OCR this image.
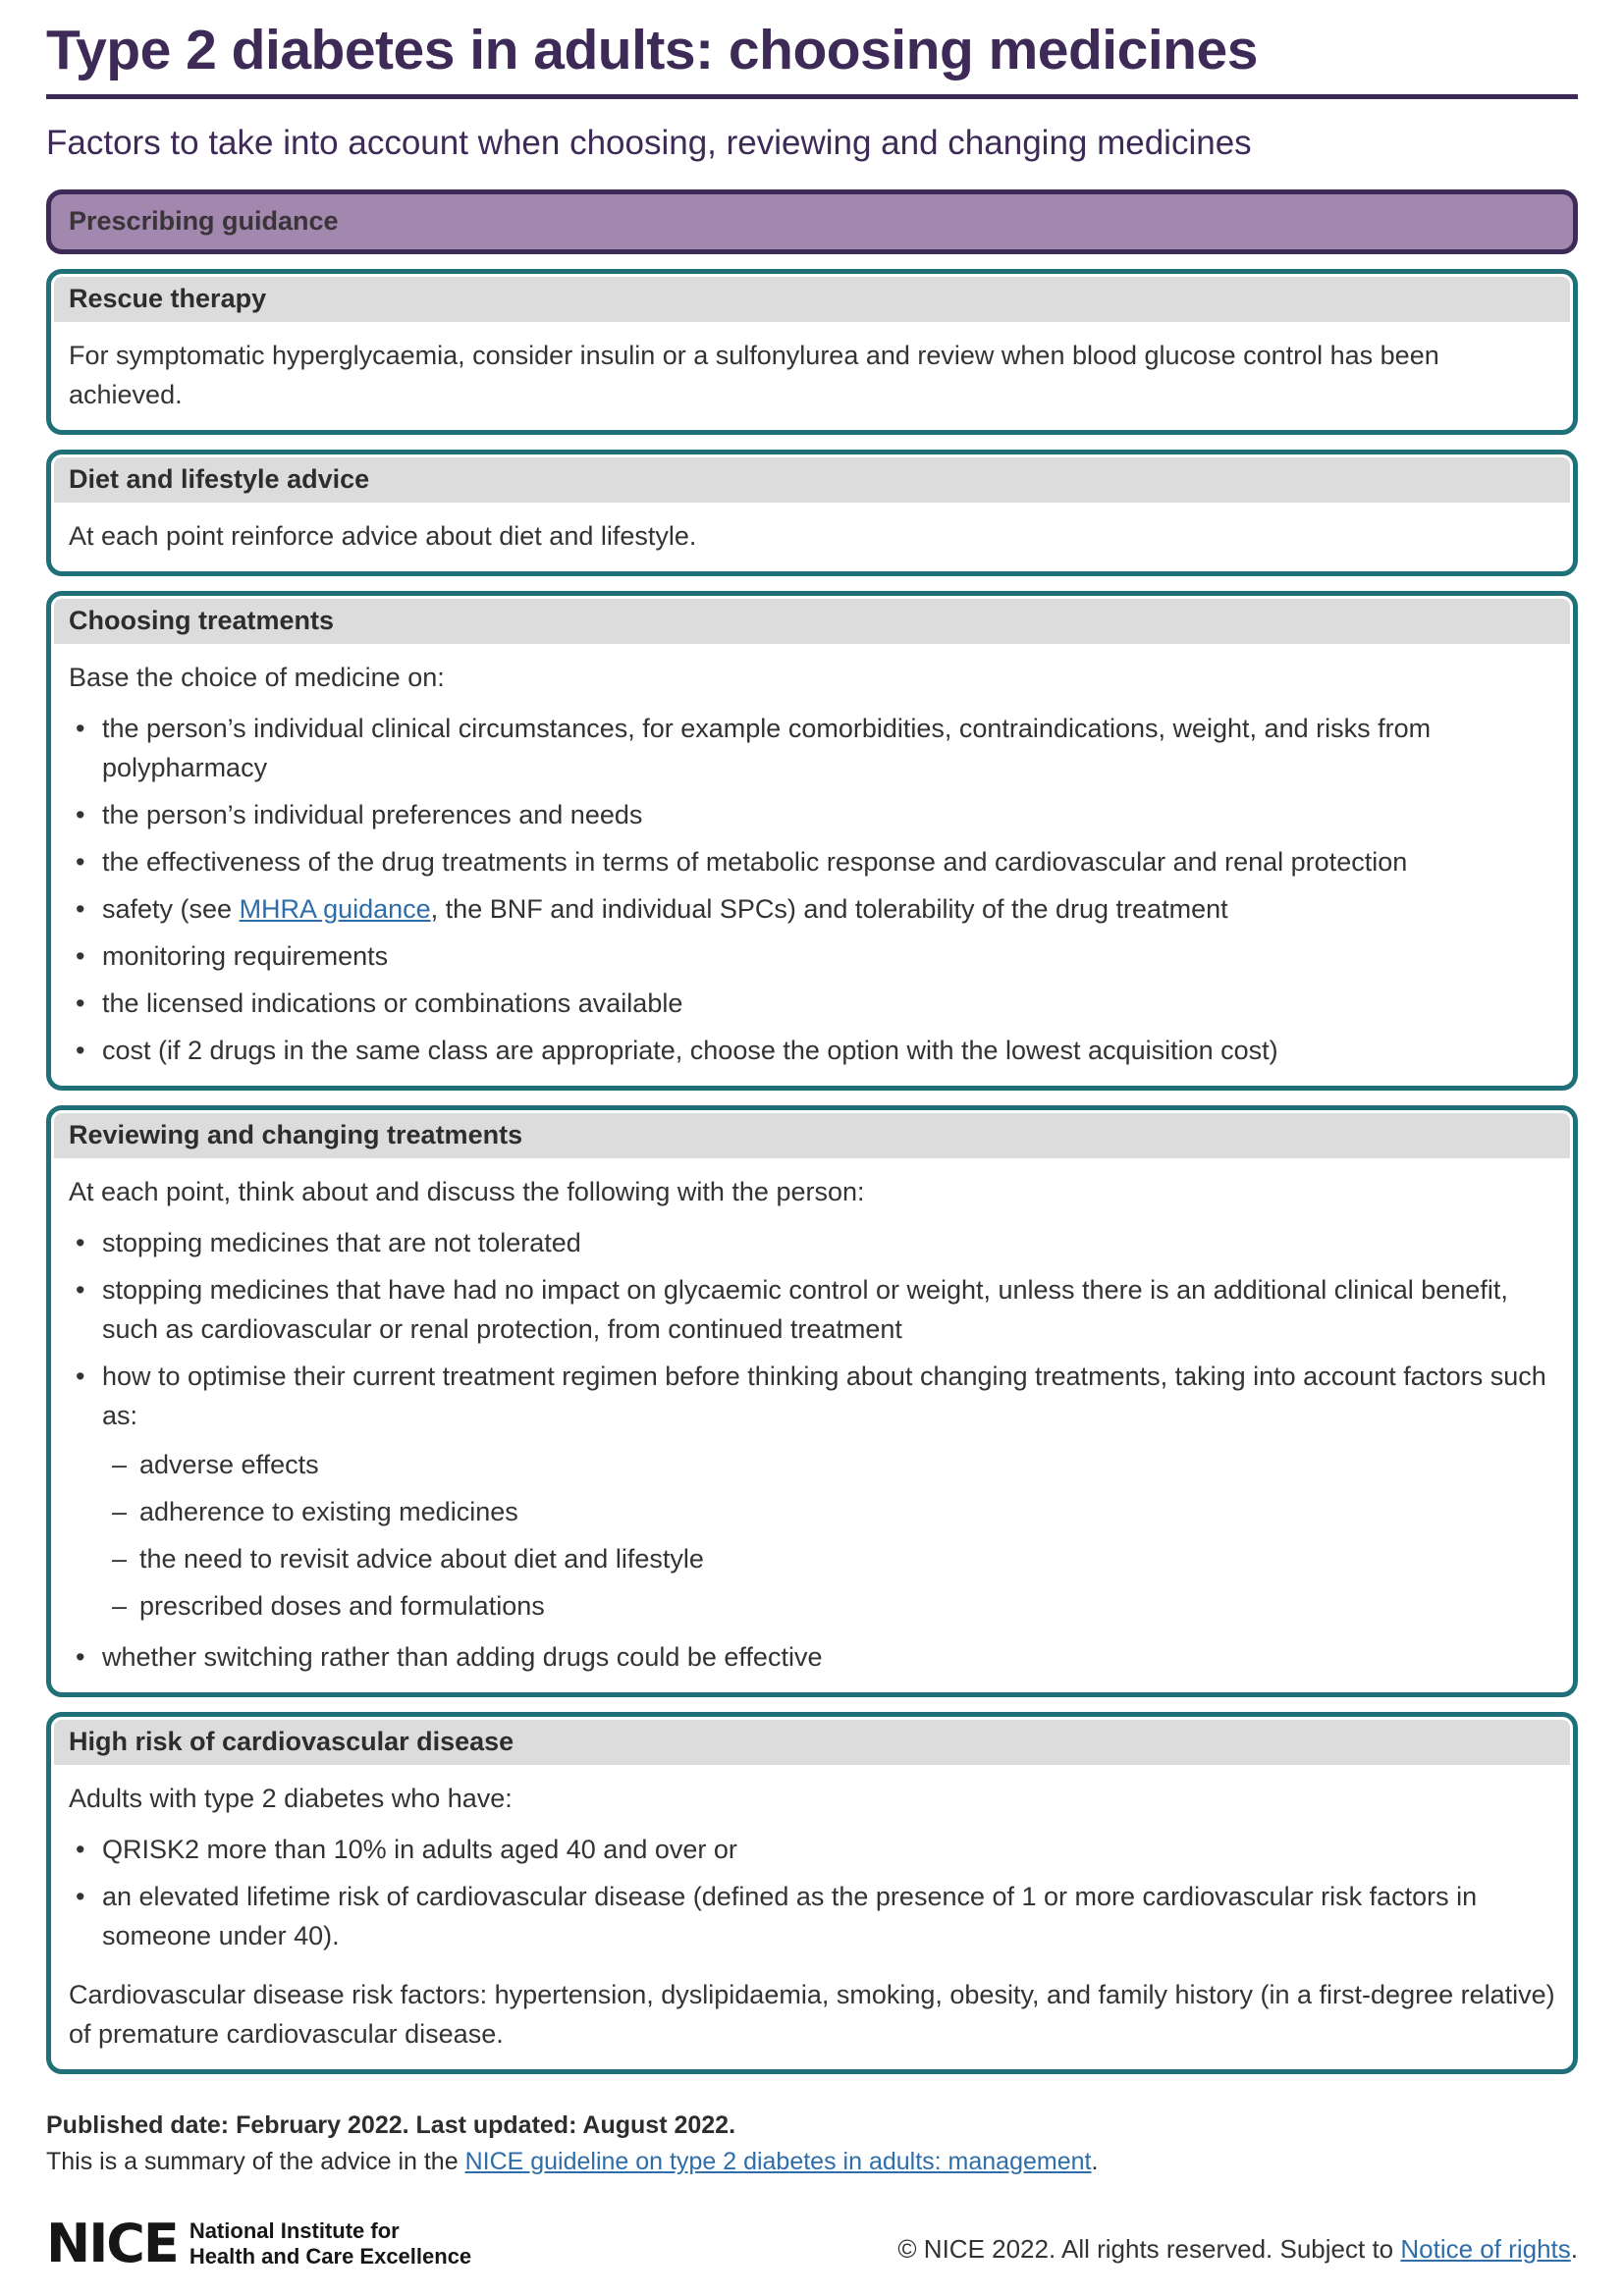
Type 2 diabetes in adults: choosing medicines
Factors to take into account when choosing, reviewing and changing medicines
Prescribing guidance
Rescue therapy

For symptomatic hyperglycaemia, consider insulin or a sulfonylurea and review when blood glucose control has been achieved.

Diet and lifestyle advice

At each point reinforce advice about diet and lifestyle.

Choosing treatments

Base the choice of medicine on:

• the person’s individual clinical circumstances, for example comorbidities, contraindications, weight, and risks from polypharmacy
• the person’s individual preferences and needs
• the effectiveness of the drug treatments in terms of metabolic response and cardiovascular and renal protection
• safety (see MHRA guidance, the BNF and individual SPCs) and tolerability of the drug treatment
• monitoring requirements
• the licensed indications or combinations available
• cost (if 2 drugs in the same class are appropriate, choose the option with the lowest acquisition cost)
Reviewing and changing treatments

At each point, think about and discuss the following with the person:

• stopping medicines that are not tolerated
• stopping medicines that have had no impact on glycaemic control or weight, unless there is an additional clinical benefit, such as cardiovascular or renal protection, from continued treatment
• how to optimise their current treatment regimen before thinking about changing treatments, taking into account factors such as:
– adverse effects
– adherence to existing medicines
– the need to revisit advice about diet and lifestyle
– prescribed doses and formulations
• whether switching rather than adding drugs could be effective
High risk of cardiovascular disease

Adults with type 2 diabetes who have:

• QRISK2 more than 10% in adults aged 40 and over or
• an elevated lifetime risk of cardiovascular disease (defined as the presence of 1 or more cardiovascular risk factors in someone under 40).

Cardiovascular disease risk factors: hypertension, dyslipidaemia, smoking, obesity, and family history (in a first-degree relative) of premature cardiovascular disease.

Published date: February 2022. Last updated: August 2022.
This is a summary of the advice in the NICE guideline on type 2 diabetes in adults: management.
NICE National Institute for
Health and Care Excellence	© NICE 2022. All rights reserved. Subject to Notice of rights.
